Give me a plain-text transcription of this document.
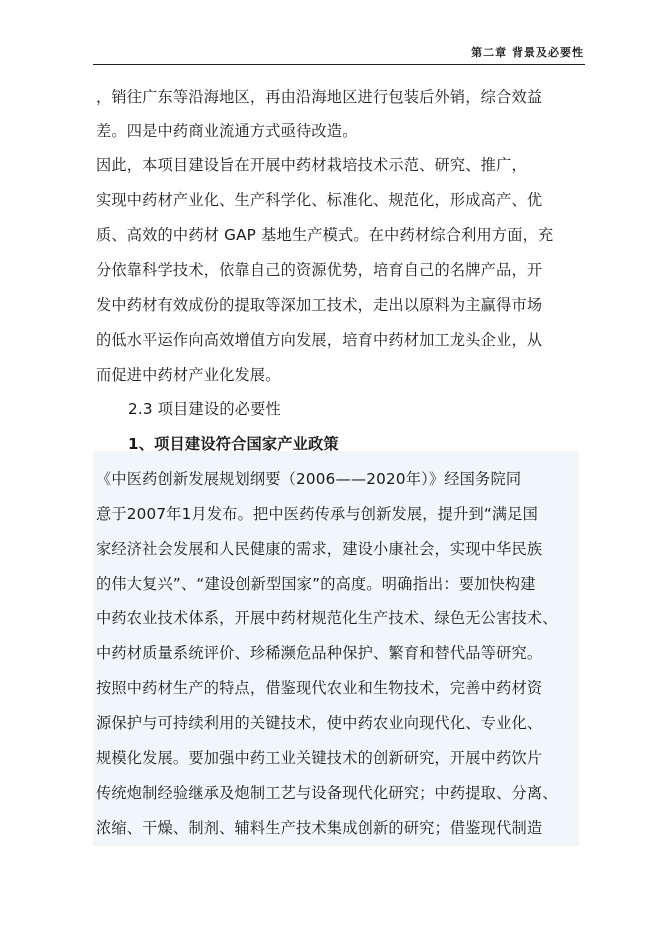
第二章 背景及必要性

，销往广东等沿海地区，再由沿海地区进行包装后外销，综合效益

差。四是中药商业流通方式亟待改造。

因此，本项目建设旨在开展中药材栽培技术示范、研究、推广，

实现中药材产业化、生产科学化、标准化、规范化，形成高产、优

质、高效的中药材 GAP 基地生产模式。在中药材综合利用方面，充

分依靠科学技术，依靠自己的资源优势，培育自己的名牌产品，开

发中药材有效成份的提取等深加工技术，走出以原料为主赢得市场

的低水平运作向高效增值方向发展，培育中药材加工龙头企业，从

而促进中药材产业化发展。

2.3 项目建设的必要性

1、项目建设符合国家产业政策

《中医药创新发展规划纲要（2006——2020年）》经国务院同

意于2007年1月发布。把中医药传承与创新发展，提升到“满足国

家经济社会发展和人民健康的需求，建设小康社会，实现中华民族

的伟大复兴”、“建设创新型国家”的高度。明确指出：要加快构建

中药农业技术体系，开展中药材规范化生产技术、绿色无公害技术、

中药材质量系统评价、珍稀濒危品种保护、繁育和替代品等研究。

按照中药材生产的特点，借鉴现代农业和生物技术，完善中药材资

源保护与可持续利用的关键技术，使中药农业向现代化、专业化、

规模化发展。要加强中药工业关键技术的创新研究，开展中药饮片

传统炮制经验继承及炮制工艺与设备现代化研究；中药提取、分离、

浓缩、干燥、制剂、辅料生产技术集成创新的研究；借鉴现代制造
